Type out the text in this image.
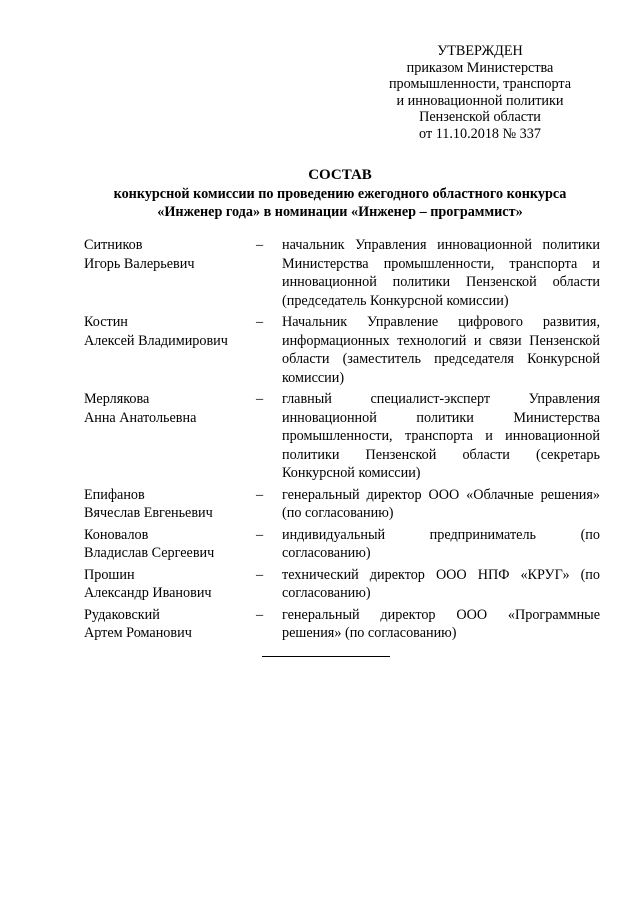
УТВЕРЖДЕН
приказом Министерства
промышленности, транспорта
и инновационной политики
Пензенской области
от 11.10.2018 № 337
СОСТАВ
конкурсной комиссии по проведению ежегодного областного конкурса
«Инженер года» в номинации «Инженер – программист»
Ситников
Игорь Валерьевич
–	начальник Управления инновационной политики Министерства промышленности, транспорта и инновационной политики Пензенской области (председатель Конкурсной комиссии)
Костин
Алексей Владимирович
–	Начальник Управление цифрового развития, информационных технологий и связи Пензенской области (заместитель председателя Конкурсной комиссии)
Мерлякова
Анна Анатольевна
–	главный специалист-эксперт Управления инновационной политики Министерства промышленности, транспорта и инновационной политики Пензенской области (секретарь Конкурсной комиссии)
Епифанов
Вячеслав Евгеньевич
–	генеральный директор ООО «Облачные решения» (по согласованию)
Коновалов
Владислав Сергеевич
–	индивидуальный предприниматель (по согласованию)
Прошин
Александр Иванович
–	технический директор ООО НПФ «КРУГ» (по согласованию)
Рудаковский
Артем Романович
–	генеральный директор ООО «Программные решения» (по согласованию)
